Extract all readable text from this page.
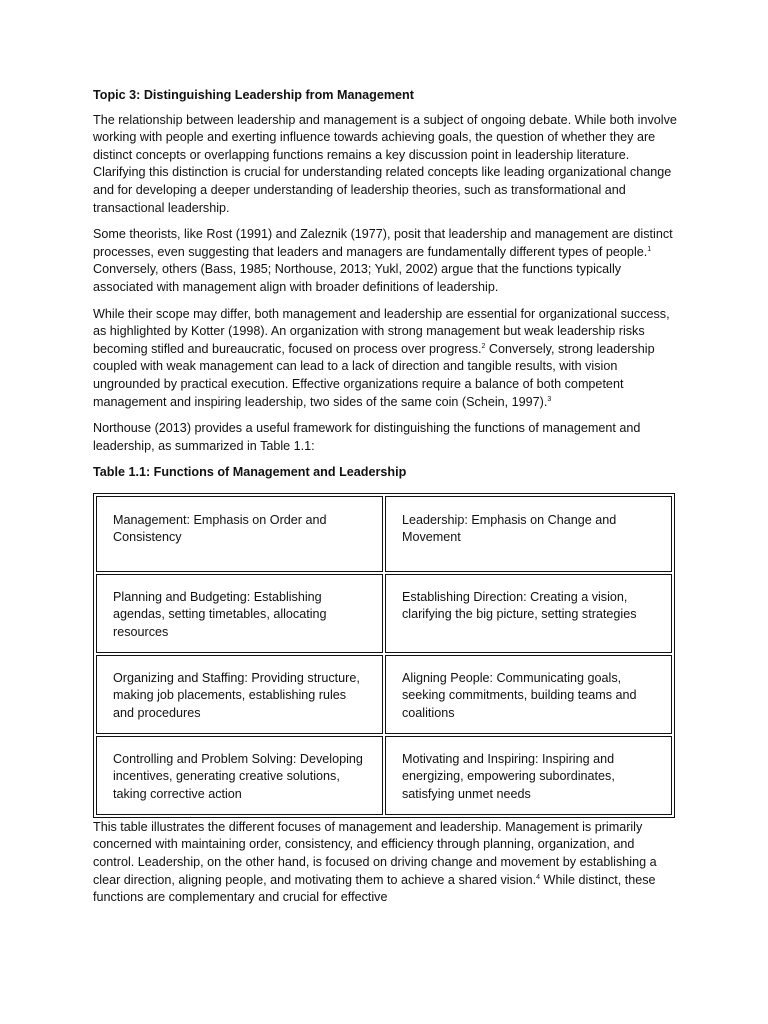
Topic 3: Distinguishing Leadership from Management

The relationship between leadership and management is a subject of ongoing debate. While both involve working with people and exerting influence towards achieving goals, the question of whether they are distinct concepts or overlapping functions remains a key discussion point in leadership literature. Clarifying this distinction is crucial for understanding related concepts like leading organizational change and for developing a deeper understanding of leadership theories, such as transformational and transactional leadership.

Some theorists, like Rost (1991) and Zaleznik (1977), posit that leadership and management are distinct processes, even suggesting that leaders and managers are fundamentally different types of people.$^1$ Conversely, others (Bass, 1985; Northouse, 2013; Yukl, 2002) argue that the functions typically associated with management align with broader definitions of leadership.

While their scope may differ, both management and leadership are essential for organizational success, as highlighted by Kotter (1998). An organization with strong management but weak leadership risks becoming stifled and bureaucratic, focused on process over progress.$^2$ Conversely, strong leadership coupled with weak management can lead to a lack of direction and tangible results, with vision ungrounded by practical execution. Effective organizations require a balance of both competent management and inspiring leadership, two sides of the same coin (Schein, 1997).$^3$

Northouse (2013) provides a useful framework for distinguishing the functions of management and leadership, as summarized in Table 1.1:

Table 1.1: Functions of Management and Leadership
Management: Emphasis on Order and Consistency
Leadership: Emphasis on Change and Movement
Planning and Budgeting: Establishing agendas, setting timetables, allocating resources
Establishing Direction: Creating a vision, clarifying the big picture, setting strategies
Organizing and Staffing: Providing structure, making job placements, establishing rules and procedures
Aligning People: Communicating goals, seeking commitments, building teams and coalitions
Controlling and Problem Solving: Developing incentives, generating creative solutions, taking corrective action
Motivating and Inspiring: Inspiring and energizing, empowering subordinates, satisfying unmet needs

This table illustrates the different focuses of management and leadership. Management is primarily concerned with maintaining order, consistency, and efficiency through planning, organization, and control. Leadership, on the other hand, is focused on driving change and movement by establishing a clear direction, aligning people, and motivating them to achieve a shared vision.$^4$ While distinct, these functions are complementary and crucial for effective
